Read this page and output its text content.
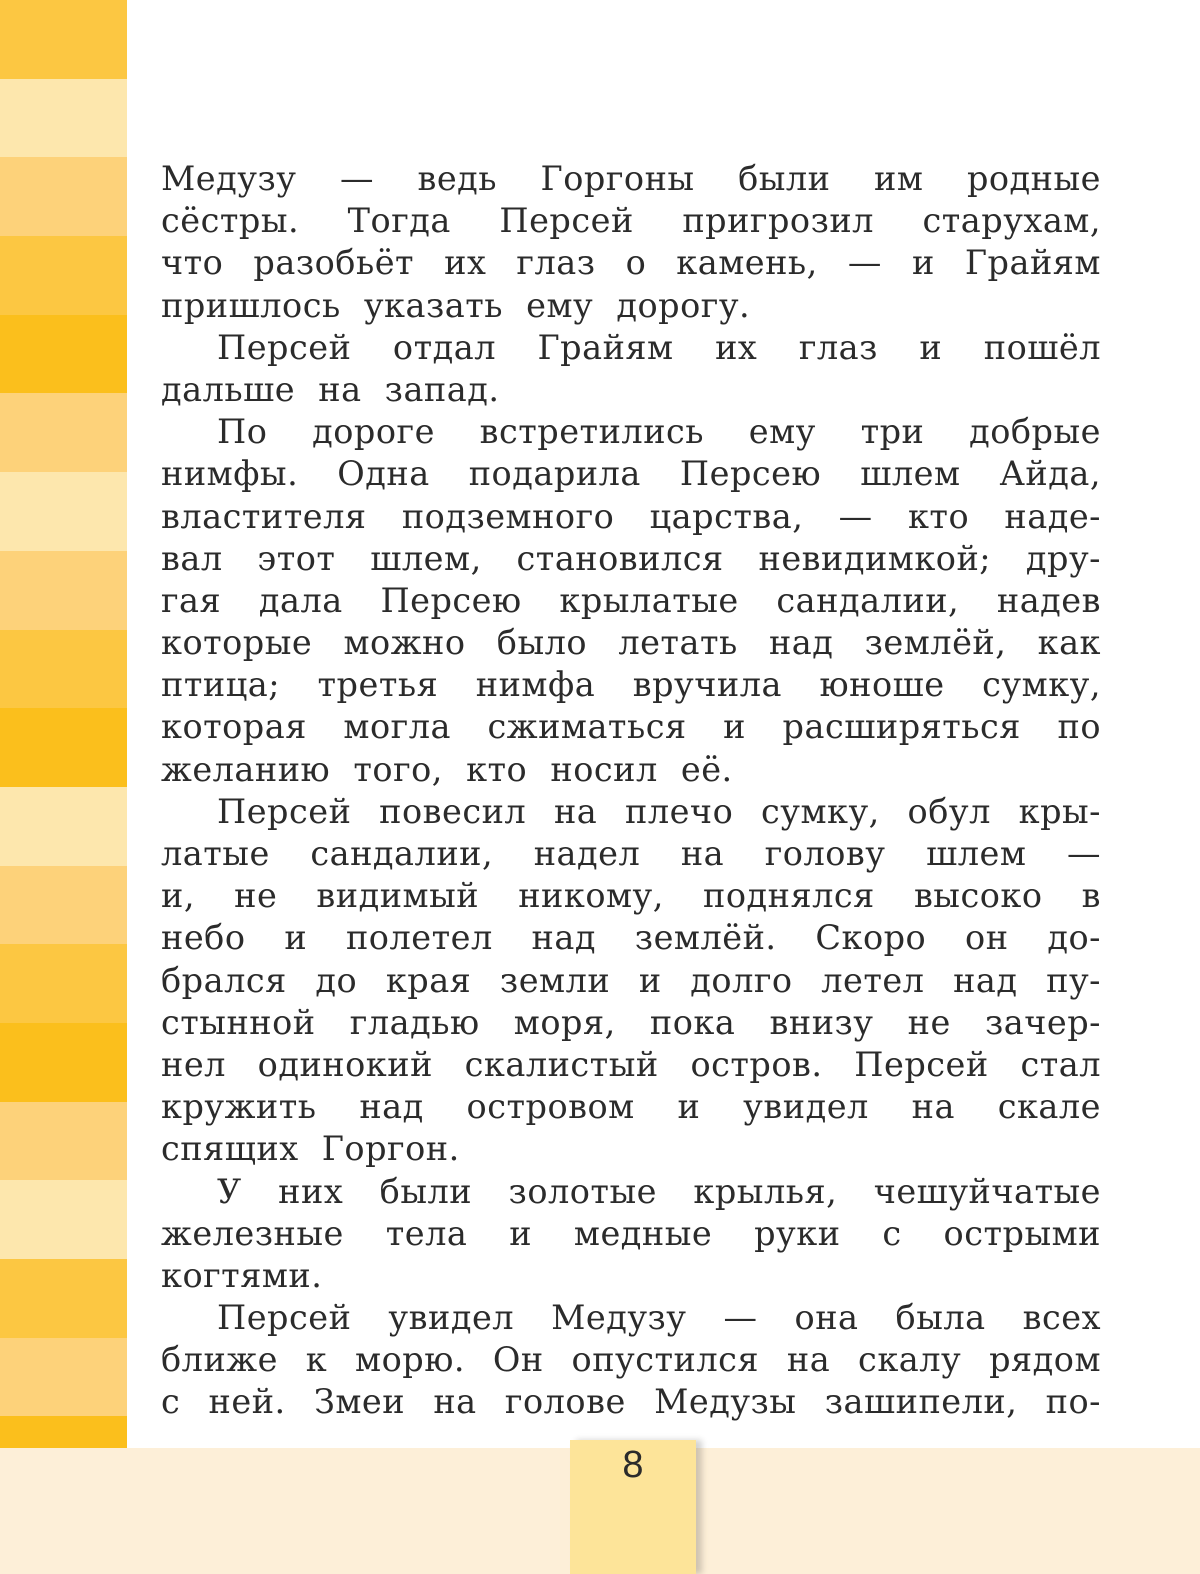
Медузу — ведь Горгоны были им родные
сёстры. Тогда Персей пригрозил старухам,
что разобьёт их глаз о камень, — и Грайям
пришлось указать ему дорогу.
Персей отдал Грайям их глаз и пошёл
дальше на запад.
По дороге встретились ему три добрые
нимфы. Одна подарила Персею шлем Айда,
властителя подземного царства, — кто наде-
вал этот шлем, становился невидимкой; дру-
гая дала Персею крылатые сандалии, надев
которые можно было летать над землёй, как
птица; третья нимфа вручила юноше сумку,
которая могла сжиматься и расширяться по
желанию того, кто носил её.
Персей повесил на плечо сумку, обул кры-
латые сандалии, надел на голову шлем —
и, не видимый никому, поднялся высоко в
небо и полетел над землёй. Скоро он до-
брался до края земли и долго летел над пу-
стынной гладью моря, пока внизу не зачер-
нел одинокий скалистый остров. Персей стал
кружить над островом и увидел на скале
спящих Горгон.
У них были золотые крылья, чешуйчатые
железные тела и медные руки с острыми
когтями.
Персей увидел Медузу — она была всех
ближе к морю. Он опустился на скалу рядом
с ней. Змеи на голове Медузы зашипели, по-
8
